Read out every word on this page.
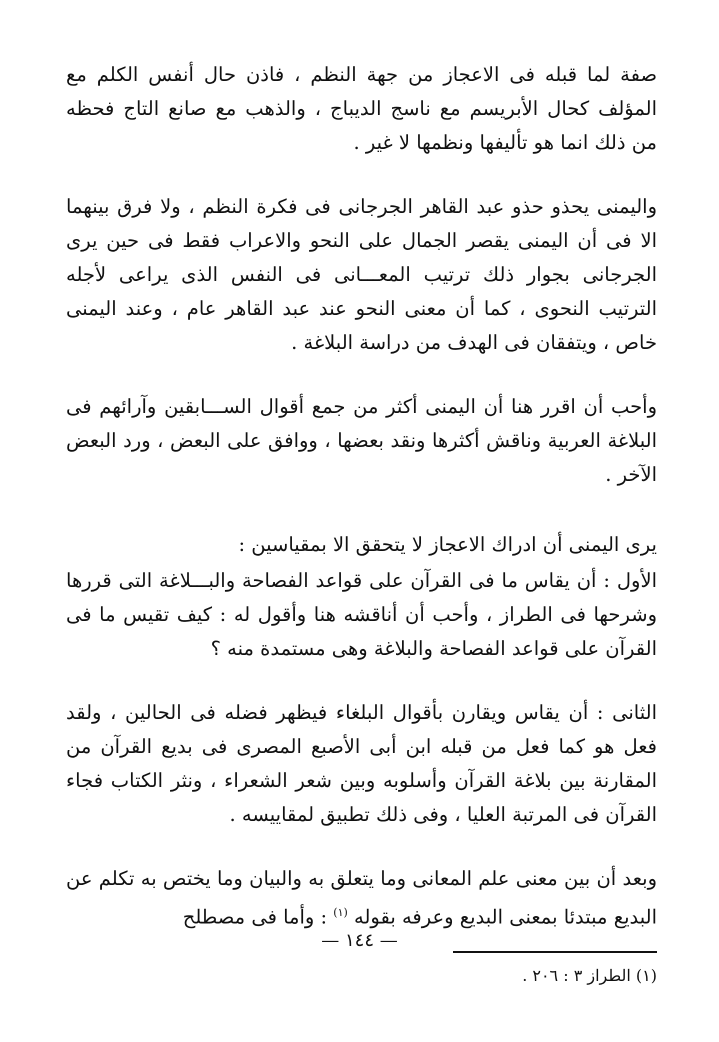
صفة لما قبله فى الاعجاز من جهة النظم ، فاذن حال أنفس الكلم مع المؤلف كحال الأبريسم مع ناسج الديباج ، والذهب مع صانع التاج فحظه من ذلك انما هو تأليفها ونظمها لا غير .

واليمنى يحذو حذو عبد القاهر الجرجانى فى فكرة النظم ، ولا فرق بينهما الا فى أن اليمنى يقصر الجمال على النحو والاعراب فقط فى حين يرى الجرجانى بجوار ذلك ترتيب المعـــانى فى النفس الذى يراعى لأجله الترتيب النحوى ، كما أن معنى النحو عند عبد القاهر عام ، وعند اليمنى خاص ، ويتفقان فى الهدف من دراسة البلاغة .

وأحب أن اقرر هنا أن اليمنى أكثر من جمع أقوال الســـابقين وآرائهم فى البلاغة العربية وناقش أكثرها ونقد بعضها ، ووافق على البعض ، ورد البعض الآخر .

يرى اليمنى أن ادراك الاعجاز لا يتحقق الا بمقياسين :

الأول : أن يقاس ما فى القرآن على قواعد الفصاحة والبـــلاغة التى قررها وشرحها فى الطراز ، وأحب أن أناقشه هنا وأقول له : كيف تقيس ما فى القرآن على قواعد الفصاحة والبلاغة وهى مستمدة منه ؟

الثانى : أن يقاس ويقارن بأقوال البلغاء فيظهر فضله فى الحالين ، ولقد فعل هو كما فعل من قبله ابن أبى الأصبع المصرى فى بديع القرآن من المقارنة بين بلاغة القرآن وأسلوبه وبين شعر الشعراء ، ونثر الكتاب فجاء القرآن فى المرتبة العليا ، وفى ذلك تطبيق لمقاييسه .

وبعد أن بين معنى علم المعانى وما يتعلق به والبيان وما يختص به تكلم عن البديع مبتدئا بمعنى البديع وعرفه بقوله $^{(١)}$ : وأما فى مصطلح

(١) الطراز ٣ : ٢٠٦ .

— ١٤٤ —
